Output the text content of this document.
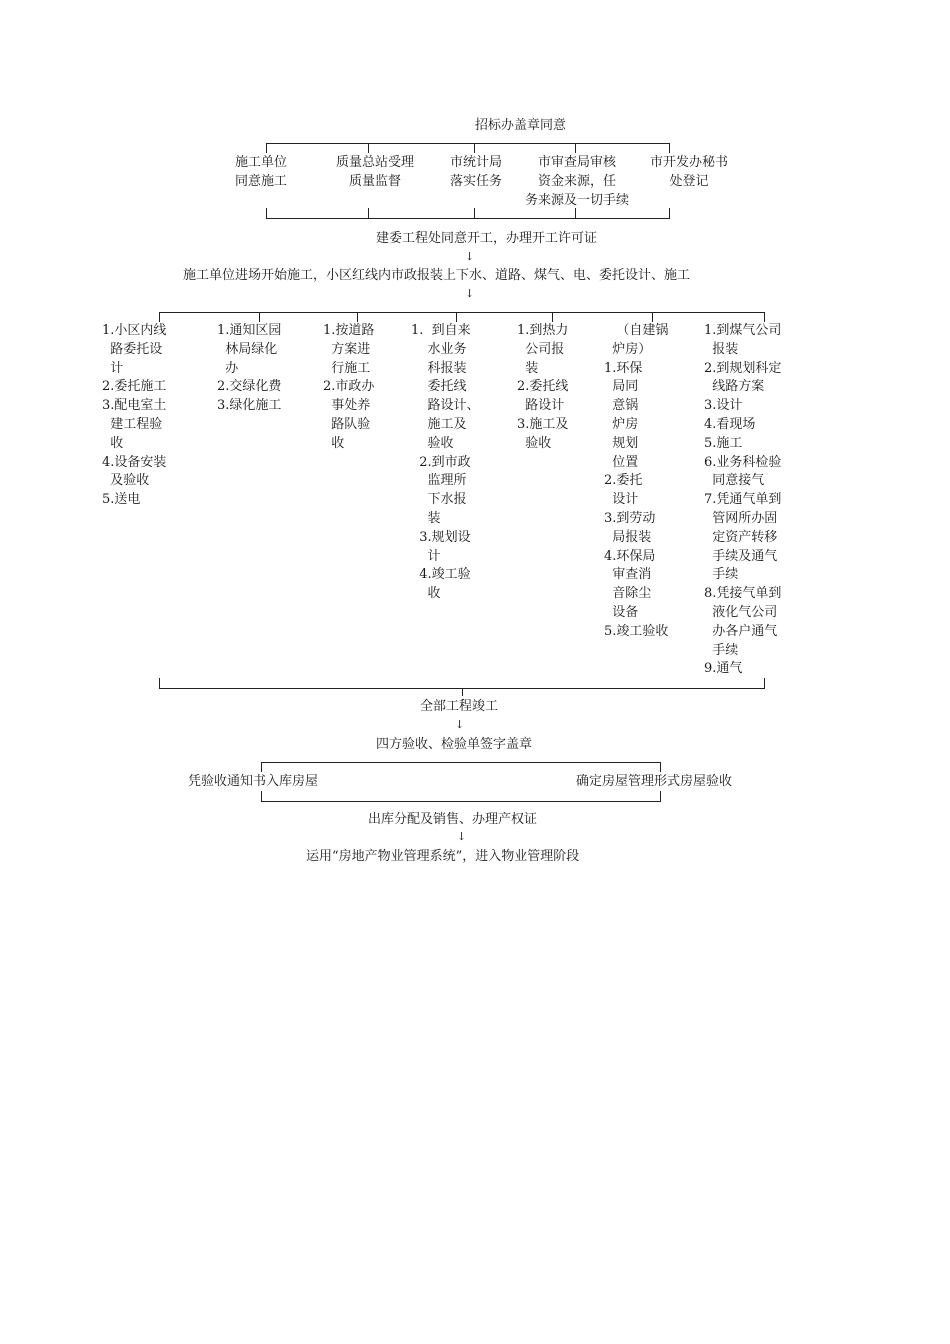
招标办盖章同意
施工单位
同意施工
质量总站受理
质量监督
市统计局
落实任务
市审查局审核
资金来源，任
务来源及一切手续
市开发办秘书
处登记
建委工程处同意开工，办理开工许可证
↓
施工单位进场开始施工，小区红线内市政报装上下水、道路、煤气、电、委托设计、施工
↓
1.小区内线
路委托设
计
2.委托施工
3.配电室土
建工程验
收
4.设备安装
及验收
5.送电
1.通知区园
林局绿化
办
2.交绿化费
3.绿化施工
1.按道路
方案进
行施工
2.市政办
事处养
路队验
收
1.  到自来
水业务
科报装
委托线
路设计、
施工及
验收
2.到市政
监理所
下水报
装
3.规划设
计
4.竣工验
收
1.到热力
公司报
装
2.委托线
路设计
3.施工及
验收
（自建锅
炉房）
1.环保
局同
意锅
炉房
规划
位置
2.委托
设计
3.到劳动
局报装
4.环保局
审查消
音除尘
设备
5.竣工验收
1.到煤气公司
报装
2.到规划科定
线路方案
3.设计
4.看现场
5.施工
6.业务科检验
同意接气
7.凭通气单到
管网所办固
定资产转移
手续及通气
手续
8.凭接气单到
液化气公司
办各户通气
手续
9.通气
全部工程竣工
↓
四方验收、检验单签字盖章
凭验收通知书入库房屋	确定房屋管理形式房屋验收
出库分配及销售、办理产权证
↓
运用“房地产物业管理系统”，进入物业管理阶段
